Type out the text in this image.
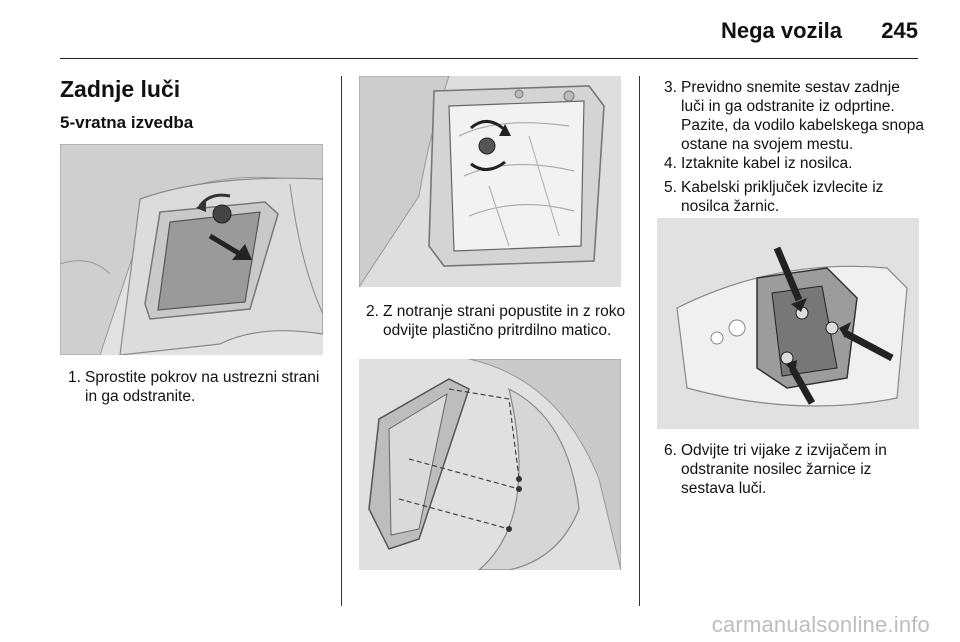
Nega vozila 245
Zadnje luči
5-vratna izvedba
1. Sprostite pokrov na ustrezni strani in ga odstranite.
2. Z notranje strani popustite in z roko odvijte plastično pritrdilno matico.
3. Previdno snemite sestav zadnje luči in ga odstranite iz odprtine. Pazite, da vodilo kabelskega snopa ostane na svojem mestu.
4. Iztaknite kabel iz nosilca.
5. Kabelski priključek izvlecite iz nosilca žarnic.
6. Odvijte tri vijake z izvijačem in odstranite nosilec žarnice iz sestava luči.
carmanualsonline.info
